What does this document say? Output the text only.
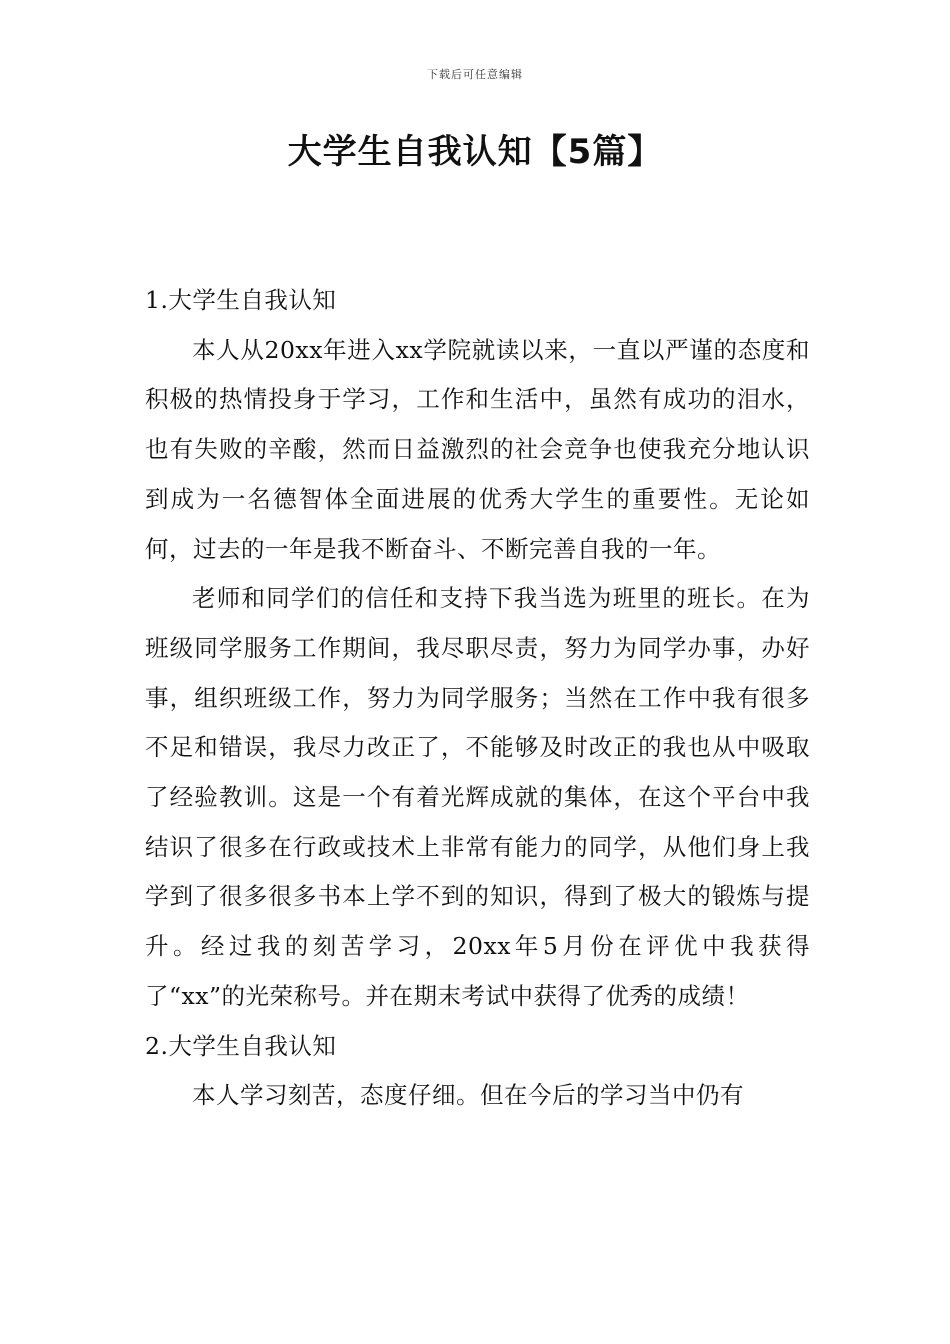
下载后可任意编辑
大学生自我认知【5篇】

1.大学生自我认知

本人从20xx年进入xx学院就读以来，一直以严谨的态度和积极的热情投身于学习，工作和生活中，虽然有成功的泪水，也有失败的辛酸，然而日益激烈的社会竞争也使我充分地认识到成为一名德智体全面进展的优秀大学生的重要性。无论如何，过去的一年是我不断奋斗、不断完善自我的一年。

老师和同学们的信任和支持下我当选为班里的班长。在为班级同学服务工作期间，我尽职尽责，努力为同学办事，办好事，组织班级工作，努力为同学服务；当然在工作中我有很多不足和错误，我尽力改正了，不能够及时改正的我也从中吸取了经验教训。这是一个有着光辉成就的集体，在这个平台中我结识了很多在行政或技术上非常有能力的同学，从他们身上我学到了很多很多书本上学不到的知识，得到了极大的锻炼与提升。经过我的刻苦学习，20xx年5月份在评优中我获得了“xx”的光荣称号。并在期末考试中获得了优秀的成绩！

2.大学生自我认知

本人学习刻苦，态度仔细。但在今后的学习当中仍有
